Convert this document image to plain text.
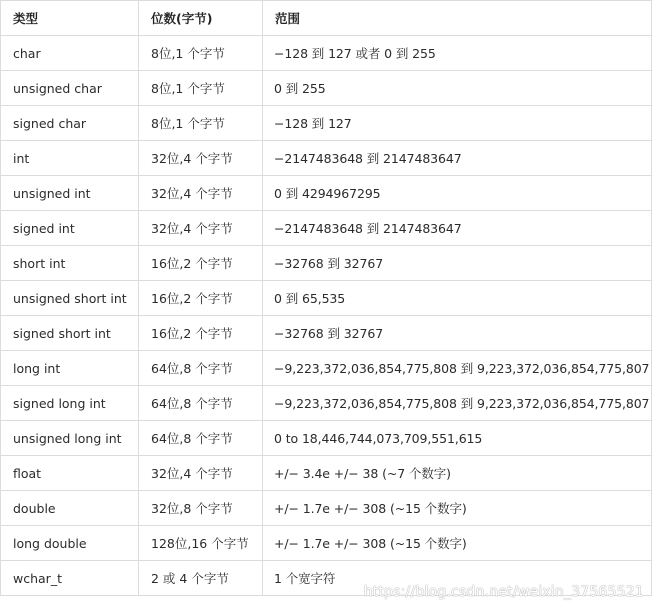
类型	位数(字节)	范围
char	8位,1 个字节	−128 到 127 或者 0 到 255
unsigned char	8位,1 个字节	0 到 255
signed char	8位,1 个字节	−128 到 127
int	32位,4 个字节	−2147483648 到 2147483647
unsigned int	32位,4 个字节	0 到 4294967295
signed int	32位,4 个字节	−2147483648 到 2147483647
short int	16位,2 个字节	−32768 到 32767
unsigned short int	16位,2 个字节	0 到 65,535
signed short int	16位,2 个字节	−32768 到 32767
long int	64位,8 个字节	−9,223,372,036,854,775,808 到 9,223,372,036,854,775,807
signed long int	64位,8 个字节	−9,223,372,036,854,775,808 到 9,223,372,036,854,775,807
unsigned long int	64位,8 个字节	0 to 18,446,744,073,709,551,615
float	32位,4 个字节	+/− 3.4e +/− 38 (~7 个数字)
double	32位,8 个字节	+/− 1.7e +/− 308 (~15 个数字)
long double	128位,16 个字节	+/− 1.7e +/− 308 (~15 个数字)
wchar_t	2 或 4 个字节	1 个宽字符
https://blog.csdn.net/weixin_37565521
